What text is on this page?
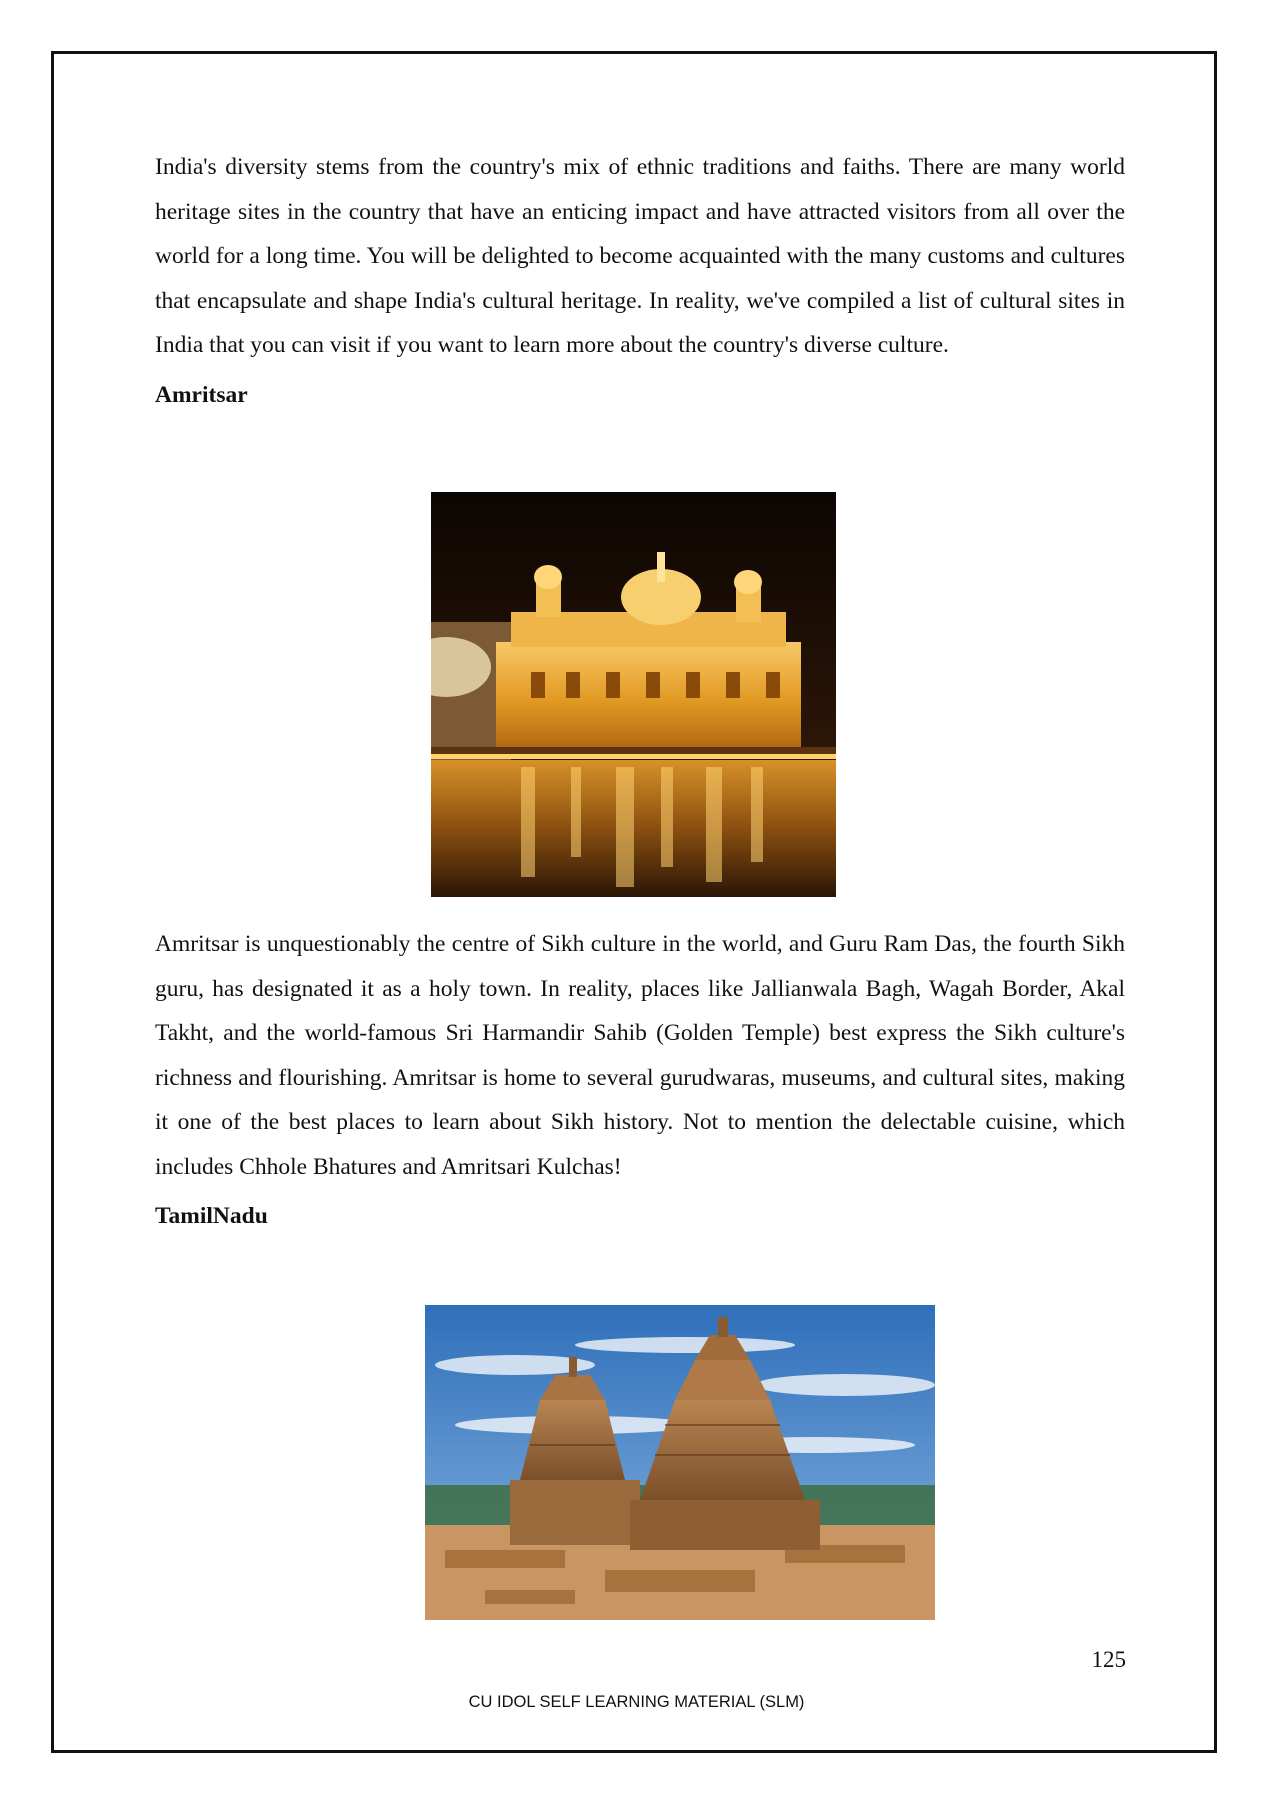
India's diversity stems from the country's mix of ethnic traditions and faiths. There are many world heritage sites in the country that have an enticing impact and have attracted visitors from all over the world for a long time. You will be delighted to become acquainted with the many customs and cultures that encapsulate and shape India's cultural heritage. In reality, we've compiled a list of cultural sites in India that you can visit if you want to learn more about the country's diverse culture.

Amritsar

Amritsar is unquestionably the centre of Sikh culture in the world, and Guru Ram Das, the fourth Sikh guru, has designated it as a holy town. In reality, places like Jallianwala Bagh, Wagah Border, Akal Takht, and the world-famous Sri Harmandir Sahib (Golden Temple) best express the Sikh culture's richness and flourishing. Amritsar is home to several gurudwaras, museums, and cultural sites, making it one of the best places to learn about Sikh history. Not to mention the delectable cuisine, which includes Chhole Bhatures and Amritsari Kulchas!

TamilNadu
125
CU IDOL SELF LEARNING MATERIAL (SLM)
